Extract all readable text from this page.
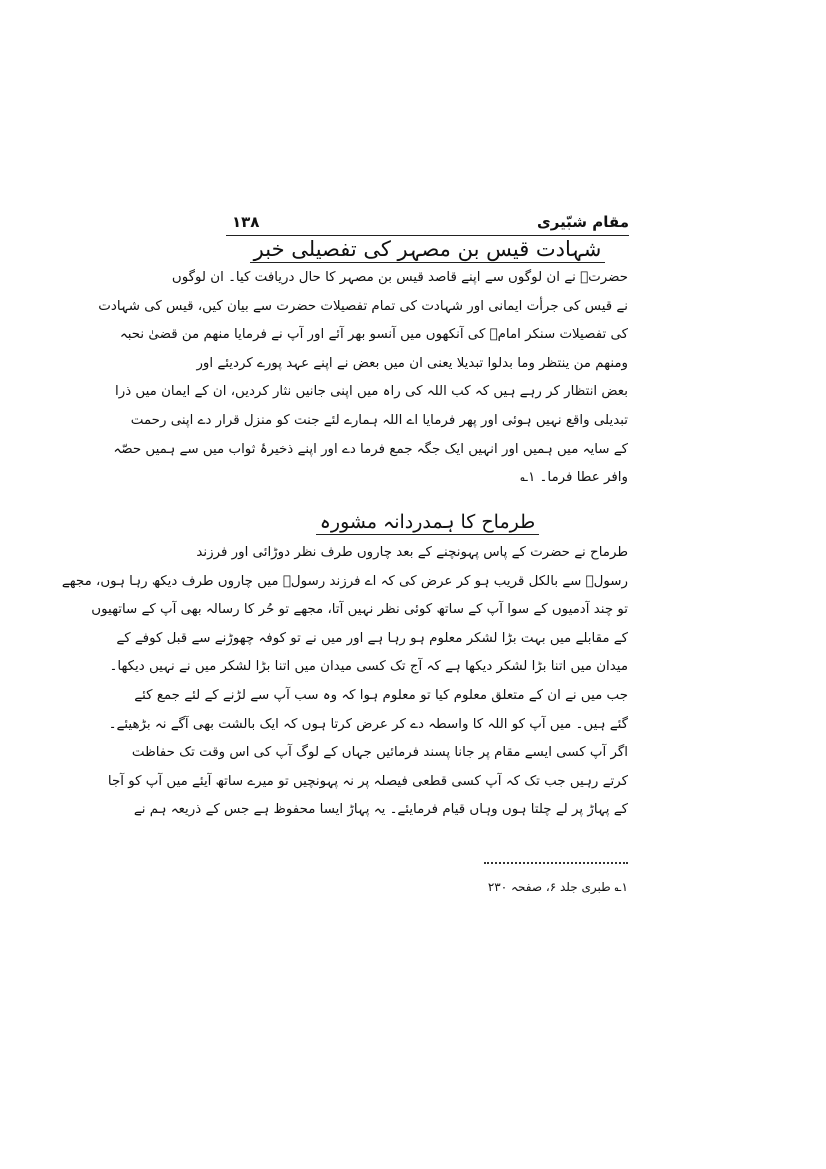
مقام شبّیری
۱۳۸
شہادت قیس بن مصہر کی تفصیلی خبر
حضرتؓ نے ان لوگوں سے اپنے قاصد قیس بن مصہر کا حال دریافت کیا۔ ان لوگوں
نے قیس کی جرأت ایمانی اور شہادت کی تمام تفصیلات حضرت سے بیان کیں، قیس کی شہادت
کی تفصیلات سنکر امامؑ کی آنکھوں میں آنسو بھر آئے اور آپ نے فرمایا منھم من قضیٰ نحبہ
ومنھم من ینتظر وما بدلوا تبدیلا یعنی ان میں بعض نے اپنے عہد پورے کردیئے اور
بعض انتظار کر رہے ہیں کہ کب اللہ کی راہ میں اپنی جانیں نثار کردیں، ان کے ایمان میں ذرا
تبدیلی واقع نہیں ہوئی اور پھر فرمایا اے اللہ ہمارے لئے جنت کو منزل قرار دے اپنی رحمت
کے سایہ میں ہمیں اور انہیں ایک جگہ جمع فرما دے اور اپنے ذخیرۂ ثواب میں سے ہمیں حصّہ
وافر عطا فرما۔ ۱؎
طرماح کا ہمدردانہ مشورہ
طرماح نے حضرت کے پاس پہونچنے کے بعد چاروں طرف نظر دوڑائی اور فرزند
رسولؐ سے بالکل قریب ہو کر عرض کی کہ اے فرزند رسولؐ میں چاروں طرف دیکھ رہا ہوں، مجھے
تو چند آدمیوں کے سوا آپ کے ساتھ کوئی نظر نہیں آتا، مجھے تو حُر کا رسالہ بھی آپ کے ساتھیوں
کے مقابلے میں بہت بڑا لشکر معلوم ہو رہا ہے اور میں نے تو کوفہ چھوڑنے سے قبل کوفے کے
میدان میں اتنا بڑا لشکر دیکھا ہے کہ آج تک کسی میدان میں اتنا بڑا لشکر میں نے نہیں دیکھا۔
جب میں نے ان کے متعلق معلوم کیا تو معلوم ہوا کہ وہ سب آپ سے لڑنے کے لئے جمع کئے
گئے ہیں۔ میں آپ کو اللہ کا واسطہ دے کر عرض کرتا ہوں کہ ایک بالشت بھی آگے نہ بڑھیئے۔
اگر آپ کسی ایسے مقام پر جانا پسند فرمائیں جہاں کے لوگ آپ کی اس وقت تک حفاظت
کرتے رہیں جب تک کہ آپ کسی قطعی فیصلہ پر نہ پہونچیں تو میرے ساتھ آیئے میں آپ کو آجا
کے پہاڑ پر لے چلتا ہوں وہاں قیام فرمایئے۔ یہ پہاڑ ایسا محفوظ ہے جس کے ذریعہ ہم نے
۱؎ طبری جلد ۶، صفحہ ۲۳۰
